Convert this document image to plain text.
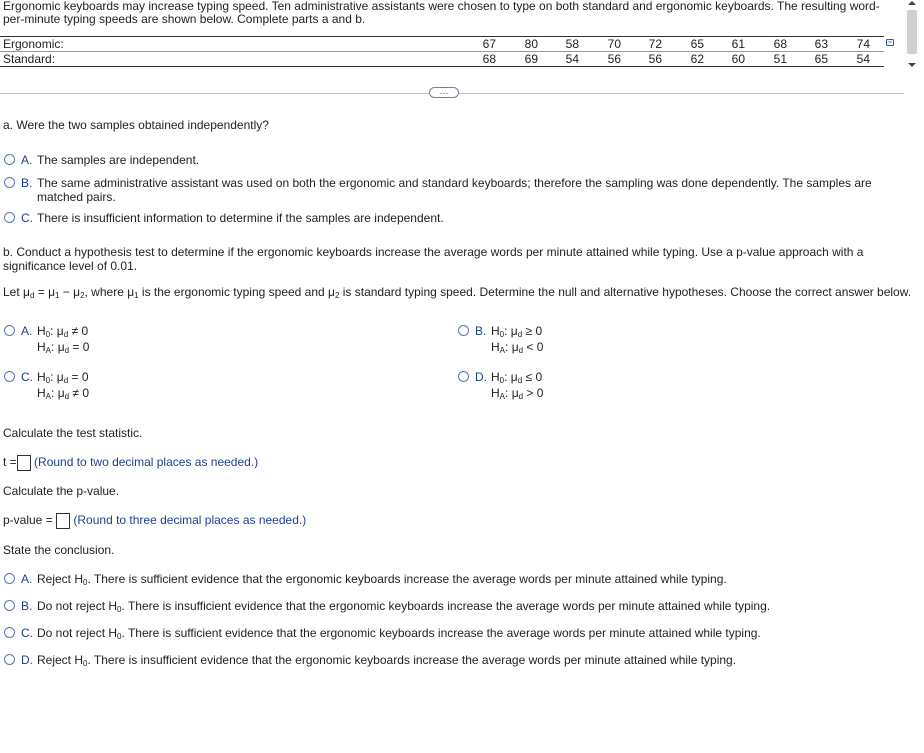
Ergonomic keyboards may increase typing speed. Ten administrative assistants were chosen to type on both standard and ergonomic keyboards. The resulting word-per-minute typing speeds are shown below. Complete parts a and b.
Ergonomic:	67	80	58	70	72	65	61	68	63	74
Standard:	68	69	54	56	56	62	60	51	65	54
⋯
a. Were the two samples obtained independently?
A. The samples are independent.
B. The same administrative assistant was used on both the ergonomic and standard keyboards; therefore the sampling was done dependently. The samples are matched pairs.
C. There is insufficient information to determine if the samples are independent.
b. Conduct a hypothesis test to determine if the ergonomic keyboards increase the average words per minute attained while typing. Use a p-value approach with a significance level of 0.01.
Let μd = μ1 − μ2, where μ1 is the ergonomic typing speed and μ2 is standard typing speed. Determine the null and alternative hypotheses. Choose the correct answer below.
A. H0: μd ≠ 0
HA: μd = 0
B. H0: μd ≥ 0
HA: μd < 0
C. H0: μd = 0
HA: μd ≠ 0
D. H0: μd ≤ 0
HA: μd > 0
Calculate the test statistic.
t = (Round to two decimal places as needed.)
Calculate the p-value.
p-value = (Round to three decimal places as needed.)
State the conclusion.
A. Reject H0. There is sufficient evidence that the ergonomic keyboards increase the average words per minute attained while typing.
B. Do not reject H0. There is insufficient evidence that the ergonomic keyboards increase the average words per minute attained while typing.
C. Do not reject H0. There is sufficient evidence that the ergonomic keyboards increase the average words per minute attained while typing.
D. Reject H0. There is insufficient evidence that the ergonomic keyboards increase the average words per minute attained while typing.
